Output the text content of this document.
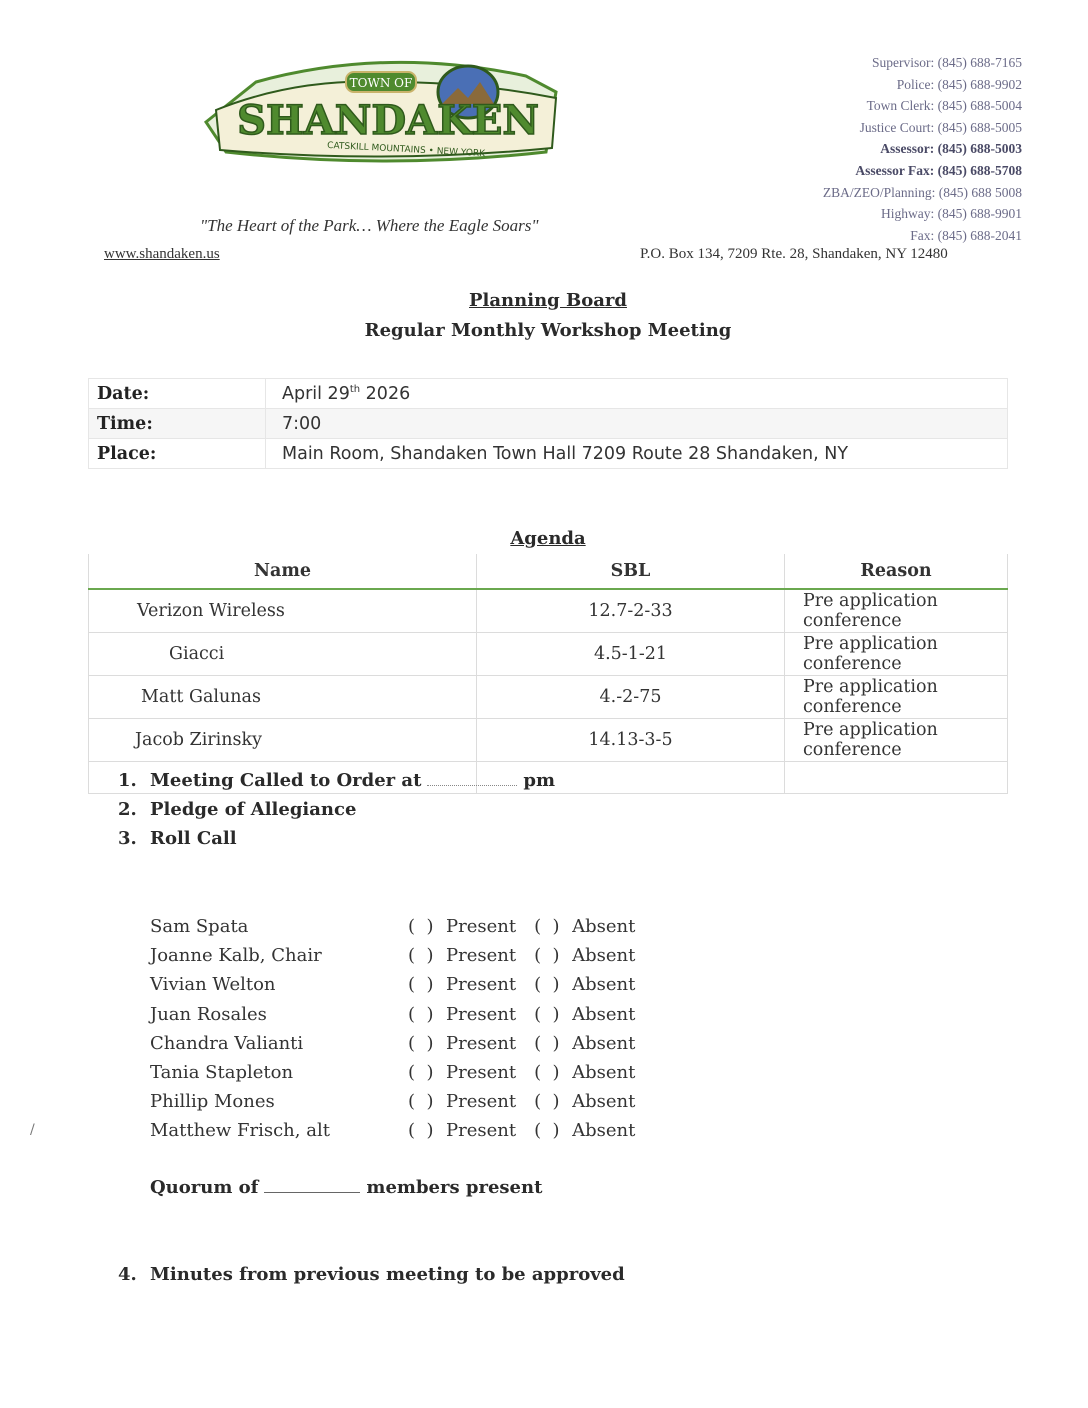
TOWN OF
SHANDAKEN
CATSKILL MOUNTAINS • NEW YORK
"The Heart of the Park… Where the Eagle Soars"
www.shandaken.us
Supervisor: (845) 688-7165
Police: (845) 688-9902
Town Clerk: (845) 688-5004
Justice Court: (845) 688-5005
Assessor: (845) 688-5003
Assessor Fax: (845) 688-5708
ZBA/ZEO/Planning: (845) 688 5008
Highway: (845) 688-9901
Fax: (845) 688-2041
P.O. Box 134, 7209 Rte. 28, Shandaken, NY 12480
Planning Board
Regular Monthly Workshop Meeting
Date:	April 29th 2026
Time:	7:00
Place:	Main Room, Shandaken Town Hall 7209 Route 28 Shandaken, NY
Agenda
Name	SBL	Reason
Verizon Wireless	12.7-2-33	Pre application conference
Giacci	4.5-1-21	Pre application conference
Matt Galunas	4.-2-75	Pre application conference
Jacob Zirinsky	14.13-3-5	Pre application conference

1. Meeting Called to Order at	pm
2. Pledge of Allegiance
3. Roll Call
Sam Spata	(  ) Present (  ) Absent
Joanne Kalb, Chair	(  ) Present (  ) Absent
Vivian Welton	(  ) Present (  ) Absent
Juan Rosales	(  ) Present (  ) Absent
Chandra Valianti	(  ) Present (  ) Absent
Tania Stapleton	(  ) Present (  ) Absent
Phillip Mones	(  ) Present (  ) Absent
Matthew Frisch, alt	(  ) Present (  ) Absent
Quorum of	members present
4. Minutes from previous meeting to be approved
/
